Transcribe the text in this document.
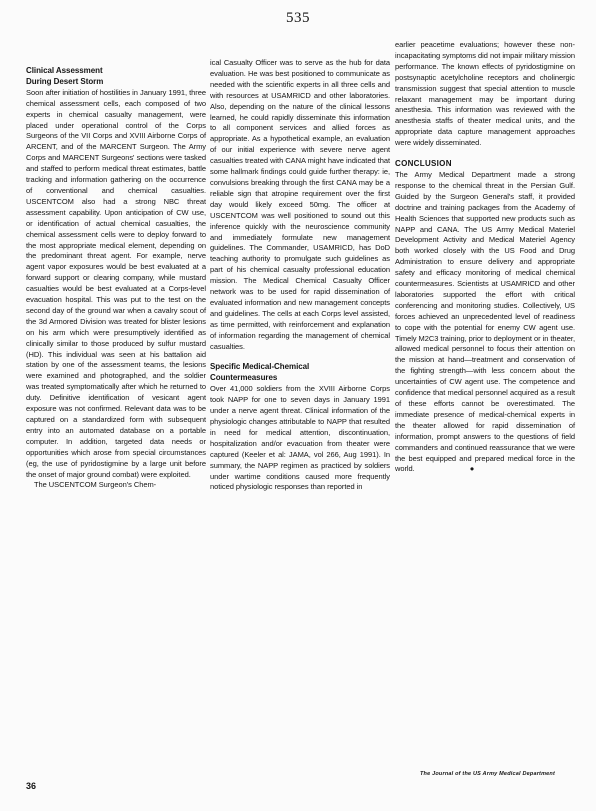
535

Clinical Assessment

During Desert Storm

Soon after initiation of hostilities in January 1991, three chemical assessment cells, each composed of two experts in chemical casualty management, were placed under operational control of the Corps Surgeons of the VII Corps and XVIII Airborne Corps of ARCENT, and of the MARCENT Surgeon. The Army Corps and MARCENT Surgeons' sections were tasked and staffed to perform medical threat estimates, battle tracking and information gathering on the occurrence of conventional and chemical casualties. USCENTCOM also had a strong NBC threat assessment capability. Upon anticipation of CW use, or identification of actual chemical casualties, the chemical assessment cells were to deploy forward to the most appropriate medical element, depending on the predominant threat agent. For example, nerve agent vapor exposures would be best evaluated at a forward support or clearing company, while mustard casualties would be best evaluated at a Corps-level evacuation hospital. This was put to the test on the second day of the ground war when a cavalry scout of the 3d Armored Division was treated for blister lesions on his arm which were presumptively identified as clinically similar to those produced by sulfur mustard (HD). This individual was seen at his battalion aid station by one of the assessment teams, the lesions were examined and photographed, and the soldier was treated symptomatically after which he returned to duty. Definitive identification of vesicant agent exposure was not confirmed. Relevant data was to be captured on a standardized form with subsequent entry into an automated database on a portable computer. In addition, targeted data needs or opportunities which arose from special circumstances (eg, the use of pyridostigmine by a large unit before the onset of major ground combat) were exploited.

The USCENTCOM Surgeon's Chem-

ical Casualty Officer was to serve as the hub for data evaluation. He was best positioned to communicate as needed with the scientific experts in all three cells and with resources at USAMRICD and other laboratories. Also, depending on the nature of the clinical lessons learned, he could rapidly disseminate this information to all component services and allied forces as appropriate. As a hypothetical example, an evaluation of our initial experience with severe nerve agent casualties treated with CANA might have indicated that some hallmark findings could guide further therapy: ie, convulsions breaking through the first CANA may be a reliable sign that atropine requirement over the first day would likely exceed 50mg. The officer at USCENTCOM was well positioned to sound out this inference quickly with the neuroscience community and immediately formulate new management guidelines. The Commander, USAMRICD, has DoD teaching authority to promulgate such guidelines as part of his chemical casualty professional education mission. The Medical Chemical Casualty Officer network was to be used for rapid dissemination of evaluated information and new management concepts and guidelines. The cells at each Corps level assisted, as time permitted, with reinforcement and explanation of information regarding the management of chemical casualties.

Specific Medical-Chemical

Countermeasures

Over 41,000 soldiers from the XVIII Airborne Corps took NAPP for one to seven days in January 1991 under a nerve agent threat. Clinical information of the physiologic changes attributable to NAPP that resulted in need for medical attention, discontinuation, hospitalization and/or evacuation from theater were captured (Keeler et al: JAMA, vol 266, Aug 1991). In summary, the NAPP regimen as practiced by soldiers under wartime conditions caused more frequently noticed physiologic responses than reported in

earlier peacetime evaluations; however these non-incapacitating symptoms did not impair military mission performance. The known effects of pyridostigmine on postsynaptic acetylcholine receptors and cholinergic transmission suggest that special attention to muscle relaxant management may be important during anesthesia. This information was reviewed with the anesthesia staffs of theater medical units, and the appropriate data capture management approaches were widely disseminated.

CONCLUSION

The Army Medical Department made a strong response to the chemical threat in the Persian Gulf. Guided by the Surgeon General's staff, it provided doctrine and training packages from the Academy of Health Sciences that supported new products such as NAPP and CANA. The US Army Medical Materiel Development Activity and Medical Materiel Agency both worked closely with the US Food and Drug Administration to ensure delivery and appropriate safety and efficacy monitoring of medical chemical countermeasures. Scientists at USAMRICD and other laboratories supported the effort with critical conferencing and monitoring studies. Collectively, US forces achieved an unprecedented level of readiness to cope with the potential for enemy CW agent use. Timely M2C3 training, prior to deployment or in theater, allowed medical personnel to focus their attention on the mission at hand—treatment and conservation of the fighting strength—with less concern about the uncertainties of CW agent use. The competence and confidence that medical personnel acquired as a result of these efforts cannot be overestimated. The immediate presence of medical-chemical experts in the theater allowed for rapid dissemination of information, prompt answers to the questions of field commanders and continued reassurance that we were the best equipped and prepared medical force in the world.	●

36
The Journal of the US Army Medical Department
